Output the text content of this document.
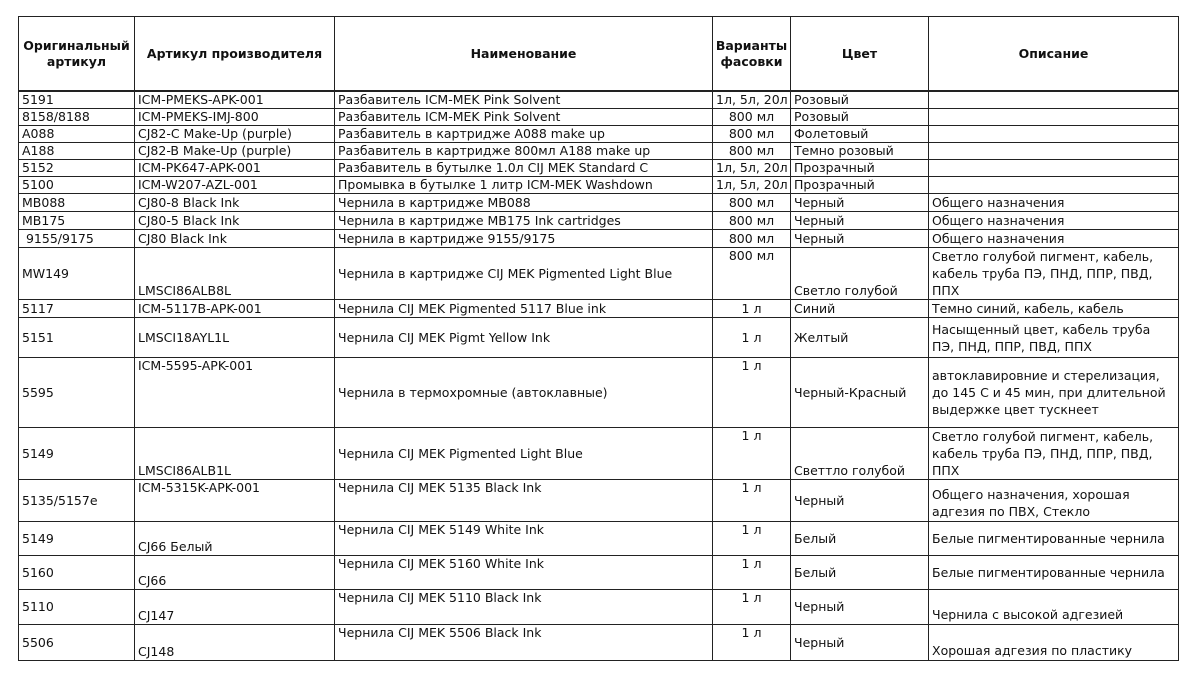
Оригинальный артикул	Артикул производителя	Наименование	Варианты фасовки	Цвет	Описание
5191	ICM-PMEKS-APK-001	Разбавитель ICM-MEK Pink Solvent	1л, 5л, 20л	Розовый	
8158/8188	ICM-PMEKS-IMJ-800	Разбавитель ICM-MEK Pink Solvent	800 мл	Розовый	
A088	CJ82-C Make-Up (purple)	Разбавитель в картридже A088 make up	800 мл	Фолетовый	
A188	CJ82-B Make-Up (purple)	Разбавитель в картридже 800мл A188 make up	800 мл	Темно розовый	
5152	ICM-PK647-APK-001	Разбавитель в бутылке 1.0л CIJ MEK Standard C	1л, 5л, 20л	Прозрачный	
5100	ICM-W207-AZL-001	Промывка в бутылке 1 литр ICM-MEK Washdown	1л, 5л, 20л	Прозрачный	
MB088	CJ80-8 Black Ink	Чернила в картридже MB088	800 мл	Черный	Общего назначения
MB175	CJ80-5 Black Ink	Чернила в картридже MB175 Ink cartridges	800 мл	Черный	Общего назначения
9155/9175	CJ80 Black Ink	Чернила в картридже 9155/9175	800 мл	Черный	Общего назначения
MW149	LMSCI86ALB8L	Чернила в картридже CIJ MEK Pigmented Light Blue	800 мл	Светло голубой	Светло голубой пигмент, кабель, кабель труба ПЭ, ПНД, ППР, ПВД, ППХ
5117	ICM-5117B-APK-001	Чернила CIJ MEK Pigmented 5117 Blue ink	1 л	Синий	Темно синий, кабель, кабель
5151	LMSCI18AYL1L	Чернила CIJ MEK Pigmt Yellow Ink	1 л	Желтый	Насыщенный цвет, кабель труба ПЭ, ПНД, ППР, ПВД, ППХ
5595	ICM-5595-APK-001	Чернила в термохромные (автоклавные)	1 л	Черный-Красный	автоклавировние и стерелизация, до 145 С и 45 мин, при длительной выдержке цвет тускнеет
5149	LMSCI86ALB1L	Чернила CIJ MEK Pigmented Light Blue	1 л	Светтло голубой	Светло голубой пигмент, кабель, кабель труба ПЭ, ПНД, ППР, ПВД, ППХ
5135/5157e	ICM-5315K-APK-001	Чернила CIJ MEK 5135 Black Ink	1 л	Черный	Общего назначения, хорошая адгезия по ПВХ, Стекло
5149	CJ66 Белый	Чернила CIJ MEK 5149 White Ink	1 л	Белый	Белые пигментированные чернила
5160	CJ66	Чернила CIJ MEK 5160 White Ink	1 л	Белый	Белые пигментированные чернила
5110	CJ147	Чернила CIJ MEK 5110 Black Ink	1 л	Черный	Чернила с высокой адгезией
5506	CJ148	Чернила CIJ MEK 5506 Black Ink	1 л	Черный	Хорошая адгезия по пластику
